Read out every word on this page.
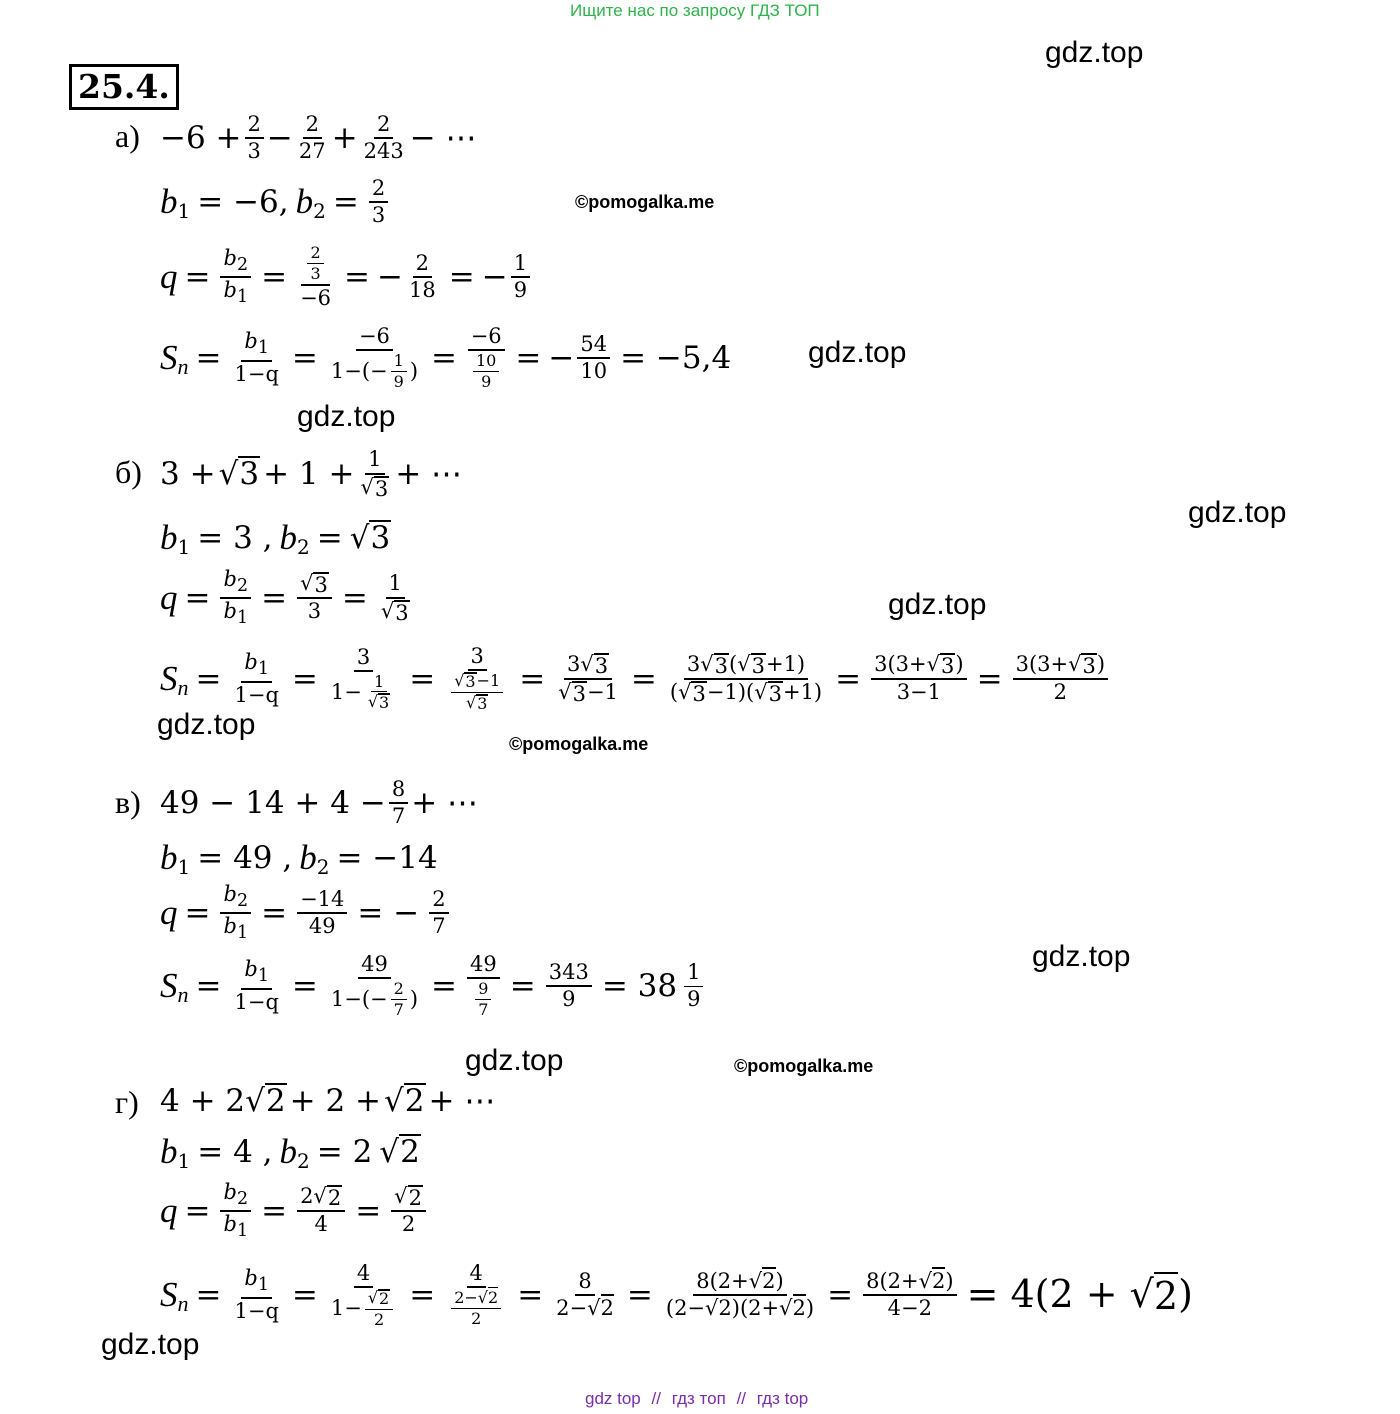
Ищите нас по запросу ГДЗ ТОП
25.4.
gdz.top
©pomogalka.me
gdz.top
gdz.top
gdz.top
gdz.top
gdz.top
©pomogalka.me
gdz.top
gdz.top	©pomogalka.me
gdz.top
$а) -6 + \frac{2}{3} - \frac{2}{27} + \frac{2}{243}$ − ⋯
b 1 = −6, b $2 = \frac{2}{3}$
$q = \frac{b_2}{b_1} = \frac{\frac{2}{3}}{-6}$ = − $\frac{2}{18}$ = − $\frac{1}{9}$
S $n = \frac{b_1}{1-q} = \frac{-6}{1-(- \frac{1}{9} )} = \frac{-6}{\frac{10}{9}}$ = − $\frac{54}{10} = -5,4$
б) 3 + √ $3 + 1 + \frac{1}{√ 3}$ + ⋯
b 1 = 3 , b 2 = √ 3
$q = \frac{b_2}{b_1} = \frac{√ 3}{3} = \frac{1}{√ 3}$
S $n = \frac{b_1}{1-q} = \frac{3}{1- \frac{1}{√ 3}} = \frac{3}{\frac{√ 3 -1}{√ 3}} = \frac{3√ 3}{√ 3 -1} = \frac{3√ 3 (√ 3 +1)}{(√ 3 -1)(√ 3 +1)} = \frac{3(3+√ 3 )}{3-1} = \frac{3(3+√ 3 )}{2}$
в) $49 - 14 + 4 - \frac{8}{7}$ + ⋯
b 1 = 49 , b 2 = −14
$q = \frac{b_2}{b_1} = \frac{-14}{49}$ = − $\frac{2}{7}$
S $n = \frac{b_1}{1-q} = \frac{49}{1-(- \frac{2}{7} )} = \frac{49}{\frac{9}{7}} = \frac{343}{9} = 38 \frac{1}{9}$
г) 4 + 2 √ 2 + 2 + √ 2 + ⋯
b 1 = 4 , b 2 = 2 √ 2
$q = \frac{b_2}{b_1} = \frac{2√ 2}{4} = \frac{√ 2}{2}$
S $n = \frac{b_1}{1-q} = \frac{4}{1- \frac{√ 2}{2}} = \frac{4}{\frac{2-√2}{2}} = \frac{8}{2-√2} = \frac{8(2+√2)}{(2-√2)(2+√2)} = \frac{8(2+√2)}{4-2} = 4(2$ + √ 2 )
gdz top // гдз топ // гдз top
